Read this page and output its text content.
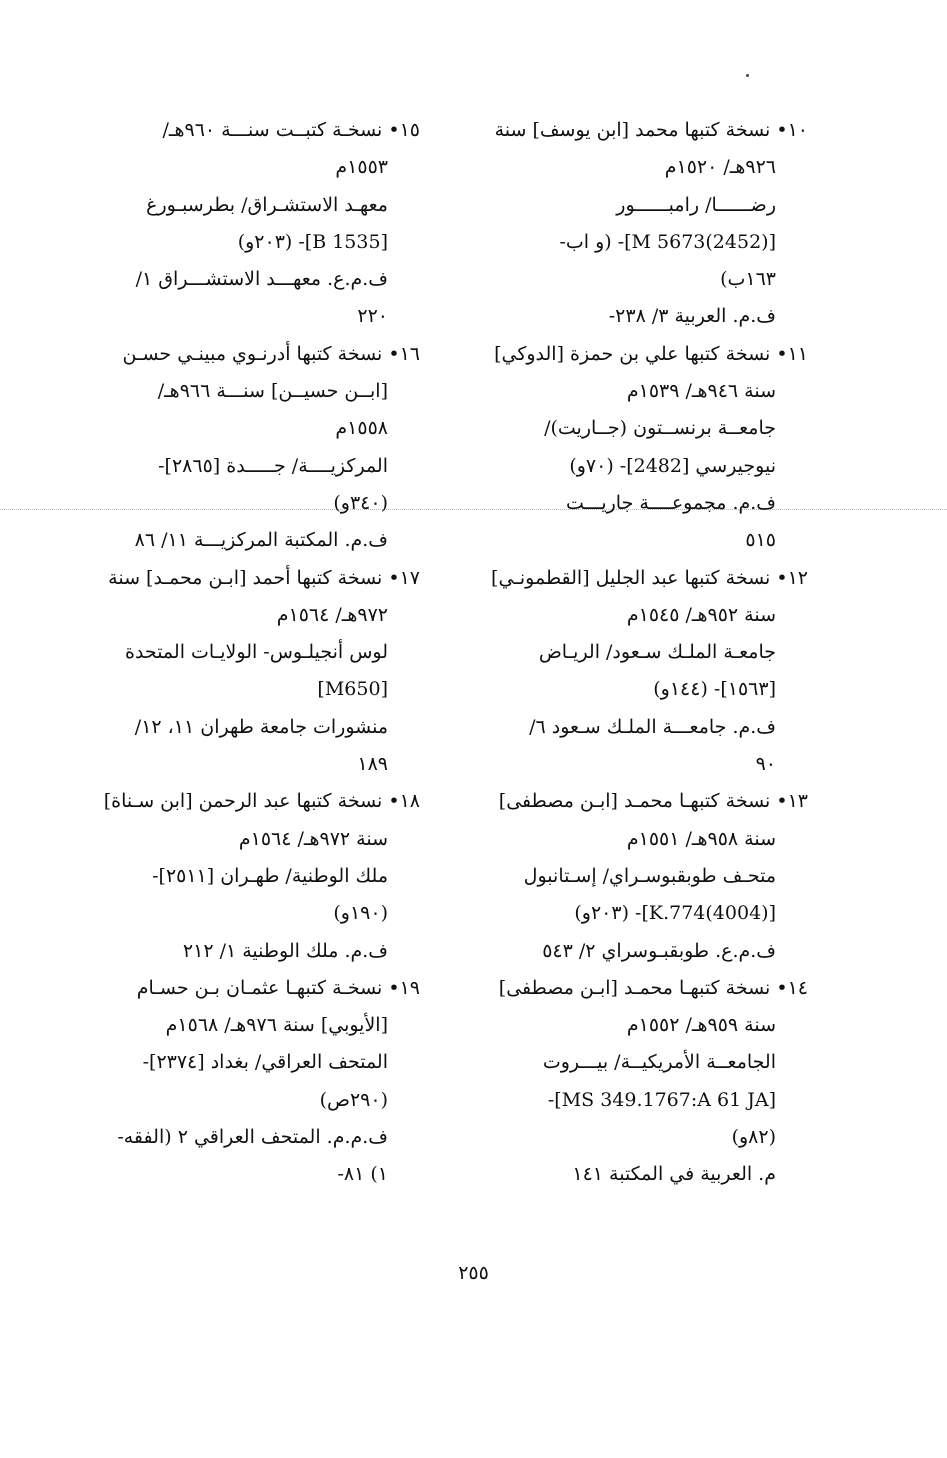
١٠• نسخة كتبها محمد [ابن يوسف] سنة
٩٢٦هـ/ ١٥٢٠م
رضــــــا/ رامبــــــور
[M 5673(2452)]- (و اب-
١٦٣ب)
ف.م. العربية ٣/ ٢٣٨-
١١• نسخة كتبها علي بن حمزة [الدوكي]
سنة ٩٤٦هـ/ ١٥٣٩م
جامعــة برنســتون (جــاريت)/
نيوجيرسي [2482]- (٧٠و)
ف.م. مجموعــــة جاريـــت
٥١٥
١٢• نسخة كتبها عبد الجليل [القطمونـي]
سنة ٩٥٢هـ/ ١٥٤٥م
جامعـة الملـك سـعود/ الريـاض
[١٥٦٣]- (١٤٤و)
ف.م. جامعـــة الملـك سـعود ٦/
٩٠
١٣• نسخة كتبهـا محمـد [ابـن مصطفى]
سنة ٩٥٨هـ/ ١٥٥١م
متحـف طوبقبوسـراي/ إسـتانبول
[K.774(4004)]- (٢٠٣و)
ف.م.ع. طوبقبـوسراي ٢/ ٥٤٣
١٤• نسخة كتبهـا محمـد [ابـن مصطفى]
سنة ٩٥٩هـ/ ١٥٥٢م
الجامعــة الأمريكيــة/ بيـــروت
[MS 349.1767:A 61 JA]-
(٨٢و)
م. العربية في المكتبة ١٤١
١٥• نسخـة كتبــت سنـــة ٩٦٠هـ/
١٥٥٣م
معهـد الاستشـراق/ بطرسبـورغ
[B 1535]- (٢٠٣و)
ف.م.ع. معهـــد الاستشـــراق ١/
٢٢٠
١٦• نسخة كتبها أدرنـوي مبينـي حسـن
[ابــن حسيــن] سنـــة ٩٦٦هـ/
١٥٥٨م
المركزيــــة/ جـــــدة [٢٨٦٥]-
(٣٤٠و)
ف.م. المكتبة المركزيـــة ١١/ ٨٦
١٧• نسخة كتبها أحمد [ابـن محمـد] سنة
٩٧٢هـ/ ١٥٦٤م
لوس أنجيلـوس- الولايـات المتحدة
[M650]
منشورات جامعة طهران ١١، ١٢/
١٨٩
١٨• نسخة كتبها عبد الرحمن [ابن سـناة]
سنة ٩٧٢هـ/ ١٥٦٤م
ملك الوطنية/ طهـران [٢٥١١]-
(١٩٠و)
ف.م. ملك الوطنية ١/ ٢١٢
١٩• نسخـة كتبهـا عثمـان بـن حسـام
[الأيوبي] سنة ٩٧٦هـ/ ١٥٦٨م
المتحف العراقي/ بغداد [٢٣٧٤]-
(٢٩٠ص)
ف.م.م. المتحف العراقي ٢ (الفقه-
١) ٨١-
٢٥٥
